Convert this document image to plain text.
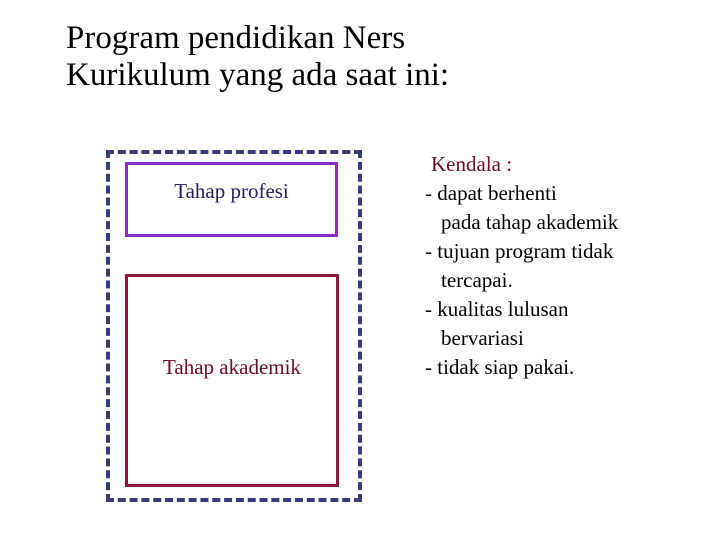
Program pendidikan Ners
Kurikulum yang ada saat ini:
Tahap profesi
Tahap akademik
Kendala :
- dapat berhenti
pada tahap akademik
- tujuan program tidak
tercapai.
- kualitas lulusan
bervariasi
- tidak siap pakai.
